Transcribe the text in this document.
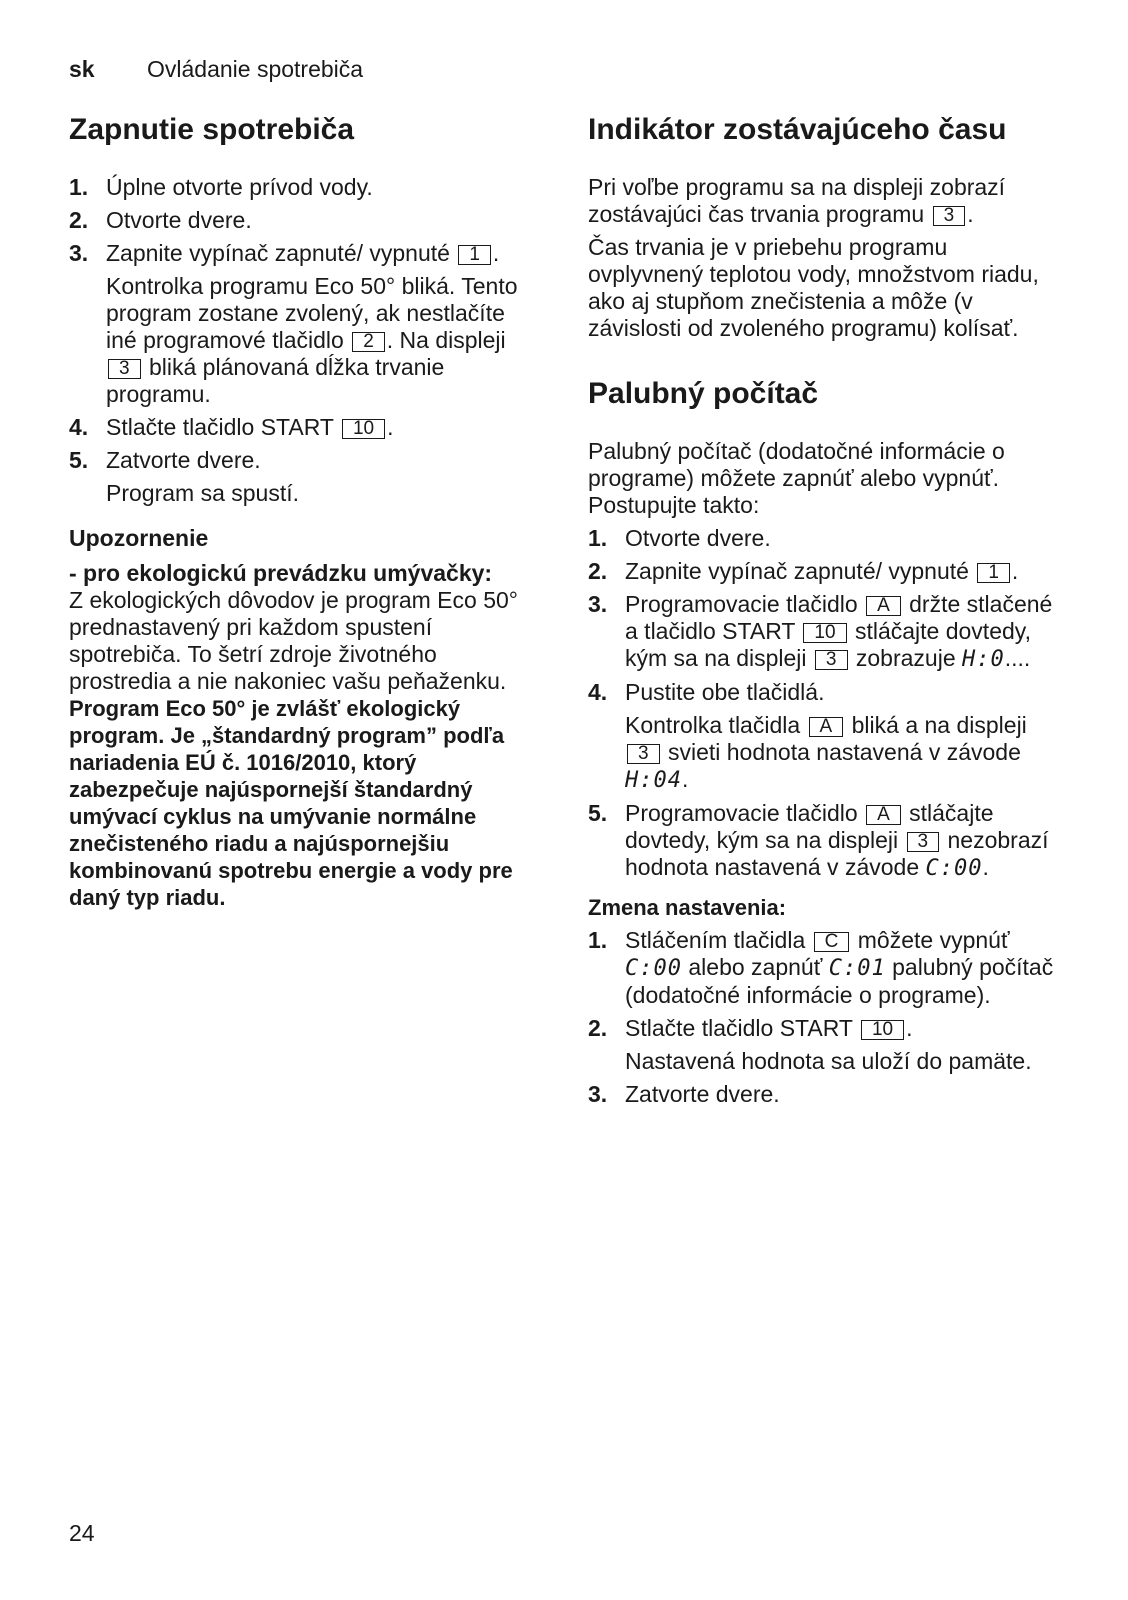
sk Ovládanie spotrebiča
Zapnutie spotrebiča
1. Úplne otvorte prívod vody.
2. Otvorte dvere.
3. Zapnite vypínač zapnuté/ vypnuté 1 .
Kontrolka programu Eco 50° bliká. Tento program zostane zvolený, ak nestlačíte iné programové tlačidlo 2 . Na displeji 3 bliká plánovaná dĺžka trvanie programu.
4. Stlačte tlačidlo START 10 .
5. Zatvorte dvere.
Program sa spustí.
Upozornenie
- pro ekologickú prevádzku umývačky:
Z ekologických dôvodov je program Eco 50° prednastavený pri každom spustení spotrebiča. To šetrí zdroje životného prostredia a nie nakoniec vašu peňaženku.
Program Eco 50° je zvlášť ekologický program. Je „štandardný program” podľa nariadenia EÚ č. 1016/2010, ktorý zabezpečuje najúspornejší štandardný umývací cyklus na umývanie normálne znečisteného riadu a najúspornejšiu kombinovanú spotrebu energie a vody pre daný typ riadu.
Indikátor zostávajúceho času

Pri voľbe programu sa na displeji zobrazí zostávajúci čas trvania programu 3 .

Čas trvania je v priebehu programu ovplyvnený teplotou vody, množstvom riadu, ako aj stupňom znečistenia a môže (v závislosti od zvoleného programu) kolísať.

Palubný počítač

Palubný počítač (dodatočné informácie o programe) môžete zapnúť alebo vypnúť. Postupujte takto:

1. Otvorte dvere.
2. Zapnite vypínač zapnuté/ vypnuté 1 .
3. Programovacie tlačidlo A držte stlačené a tlačidlo START 10 stláčajte dovtedy, kým sa na displeji 3 zobrazuje H:0....
4. Pustite obe tlačidlá.
Kontrolka tlačidla A bliká a na displeji 3 svieti hodnota nastavená v závode H:04.
5. Programovacie tlačidlo A stláčajte dovtedy, kým sa na displeji 3 nezobrazí hodnota nastavená v závode C:00.
Zmena nastavenia:
1. Stláčením tlačidla C môžete vypnúť C:00 alebo zapnúť C:01 palubný počítač (dodatočné informácie o programe).
2. Stlačte tlačidlo START 10 .
Nastavená hodnota sa uloží do pamäte.
3. Zatvorte dvere.
24
